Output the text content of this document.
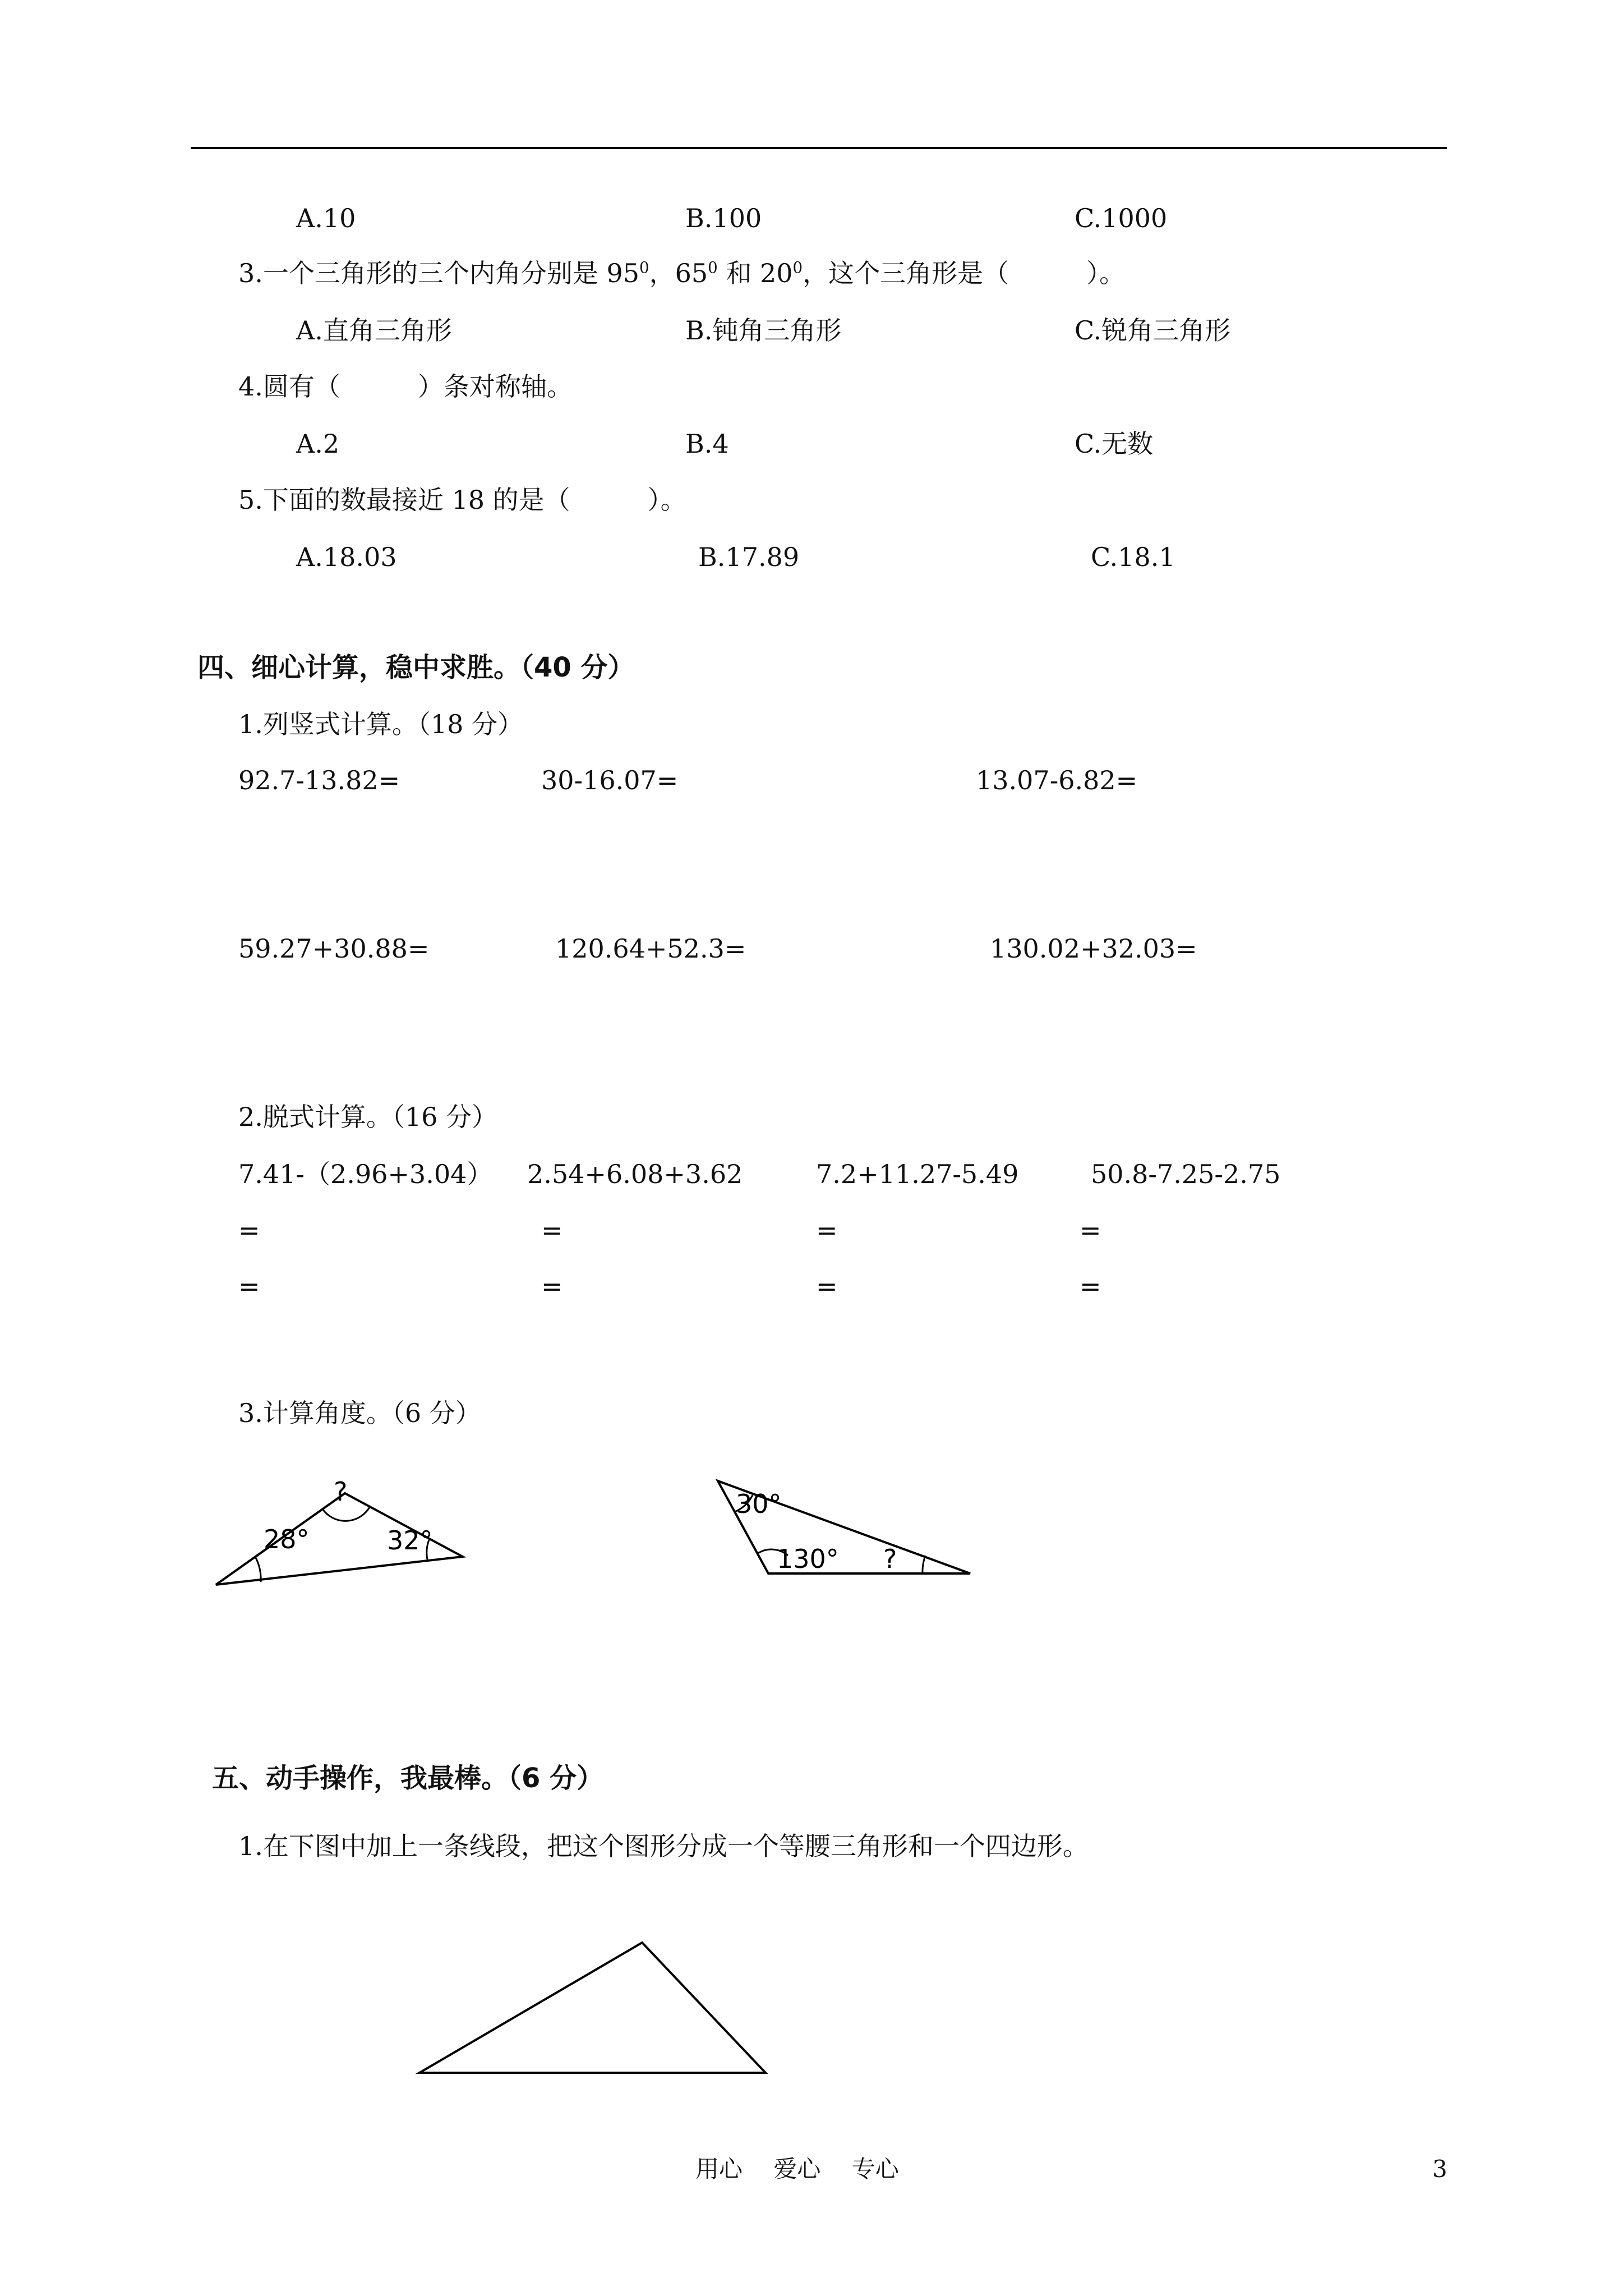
A.10	B.100	C.1000
3.一个三角形的三个内角分别是 $95^0$，$65^0$ 和 $20^0$，这个三角形是（　　　）。
A.直角三角形	B.钝角三角形	C.锐角三角形
4.圆有（　　　）条对称轴。
A.2	B.4	C.无数
5.下面的数最接近 18 的是（　　　）。
A.18.03	B.17.89	C.18.1
四、细心计算，稳中求胜。（40 分）
1.列竖式计算。（18 分）
92.7-13.82=	30-16.07=	13.07-6.82=
59.27+30.88=	120.64+52.3=	130.02+32.03=
2.脱式计算。（16 分）
7.41-（2.96+3.04） 2.54+6.08+3.62	7.2+11.27-5.49	50.8-7.25-2.75
=	=	=	=
=	=	=	=
3.计算角度。（6 分）
?
28°	32°
30°
130° ?
五、动手操作，我最棒。（6 分）
1.在下图中加上一条线段，把这个图形分成一个等腰三角形和一个四边形。
用心　 爱心　 专心	3
